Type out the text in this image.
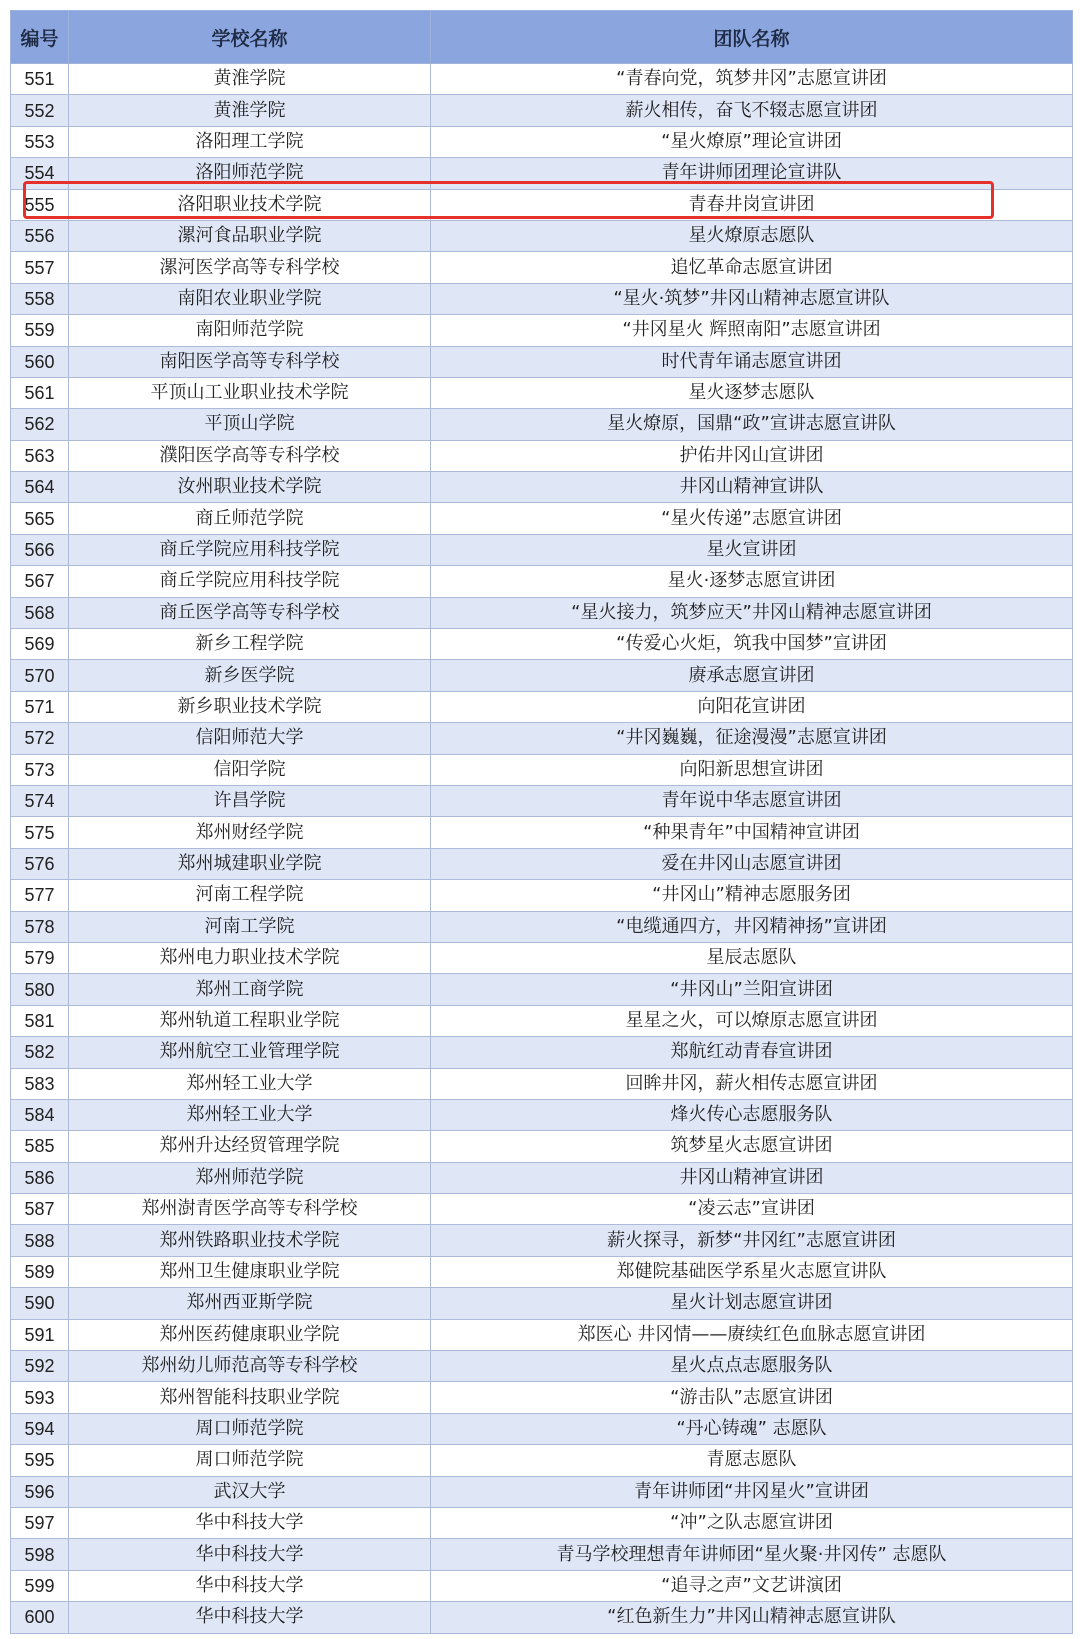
编号	学校名称	团队名称
551	黄淮学院	“青春向党，筑梦井冈”志愿宣讲团
552	黄淮学院	薪火相传，奋飞不辍志愿宣讲团
553	洛阳理工学院	“星火燎原”理论宣讲团
554	洛阳师范学院	青年讲师团理论宣讲队
555	洛阳职业技术学院	青春井岗宣讲团
556	漯河食品职业学院	星火燎原志愿队
557	漯河医学高等专科学校	追忆革命志愿宣讲团
558	南阳农业职业学院	“星火·筑梦”井冈山精神志愿宣讲队
559	南阳师范学院	“井冈星火 辉照南阳”志愿宣讲团
560	南阳医学高等专科学校	时代青年诵志愿宣讲团
561	平顶山工业职业技术学院	星火逐梦志愿队
562	平顶山学院	星火燎原，国鼎“政”宣讲志愿宣讲队
563	濮阳医学高等专科学校	护佑井冈山宣讲团
564	汝州职业技术学院	井冈山精神宣讲队
565	商丘师范学院	“星火传递”志愿宣讲团
566	商丘学院应用科技学院	星火宣讲团
567	商丘学院应用科技学院	星火·逐梦志愿宣讲团
568	商丘医学高等专科学校	“星火接力，筑梦应天”井冈山精神志愿宣讲团
569	新乡工程学院	“传爱心火炬，筑我中国梦”宣讲团
570	新乡医学院	赓承志愿宣讲团
571	新乡职业技术学院	向阳花宣讲团
572	信阳师范大学	“井冈巍巍，征途漫漫”志愿宣讲团
573	信阳学院	向阳新思想宣讲团
574	许昌学院	青年说中华志愿宣讲团
575	郑州财经学院	“种果青年”中国精神宣讲团
576	郑州城建职业学院	爱在井冈山志愿宣讲团
577	河南工程学院	“井冈山”精神志愿服务团
578	河南工学院	“电缆通四方，井冈精神扬”宣讲团
579	郑州电力职业技术学院	星辰志愿队
580	郑州工商学院	“井冈山”兰阳宣讲团
581	郑州轨道工程职业学院	星星之火，可以燎原志愿宣讲团
582	郑州航空工业管理学院	郑航红动青春宣讲团
583	郑州轻工业大学	回眸井冈，薪火相传志愿宣讲团
584	郑州轻工业大学	烽火传心志愿服务队
585	郑州升达经贸管理学院	筑梦星火志愿宣讲团
586	郑州师范学院	井冈山精神宣讲团
587	郑州澍青医学高等专科学校	“凌云志”宣讲团
588	郑州铁路职业技术学院	薪火探寻，新梦“井冈红”志愿宣讲团
589	郑州卫生健康职业学院	郑健院基础医学系星火志愿宣讲队
590	郑州西亚斯学院	星火计划志愿宣讲团
591	郑州医药健康职业学院	郑医心 井冈情——赓续红色血脉志愿宣讲团
592	郑州幼儿师范高等专科学校	星火点点志愿服务队
593	郑州智能科技职业学院	“游击队”志愿宣讲团
594	周口师范学院	“丹心铸魂” 志愿队
595	周口师范学院	青愿志愿队
596	武汉大学	青年讲师团“井冈星火”宣讲团
597	华中科技大学	“冲”之队志愿宣讲团
598	华中科技大学	青马学校理想青年讲师团“星火聚·井冈传” 志愿队
599	华中科技大学	“追寻之声”文艺讲演团
600	华中科技大学	“红色新生力”井冈山精神志愿宣讲队
